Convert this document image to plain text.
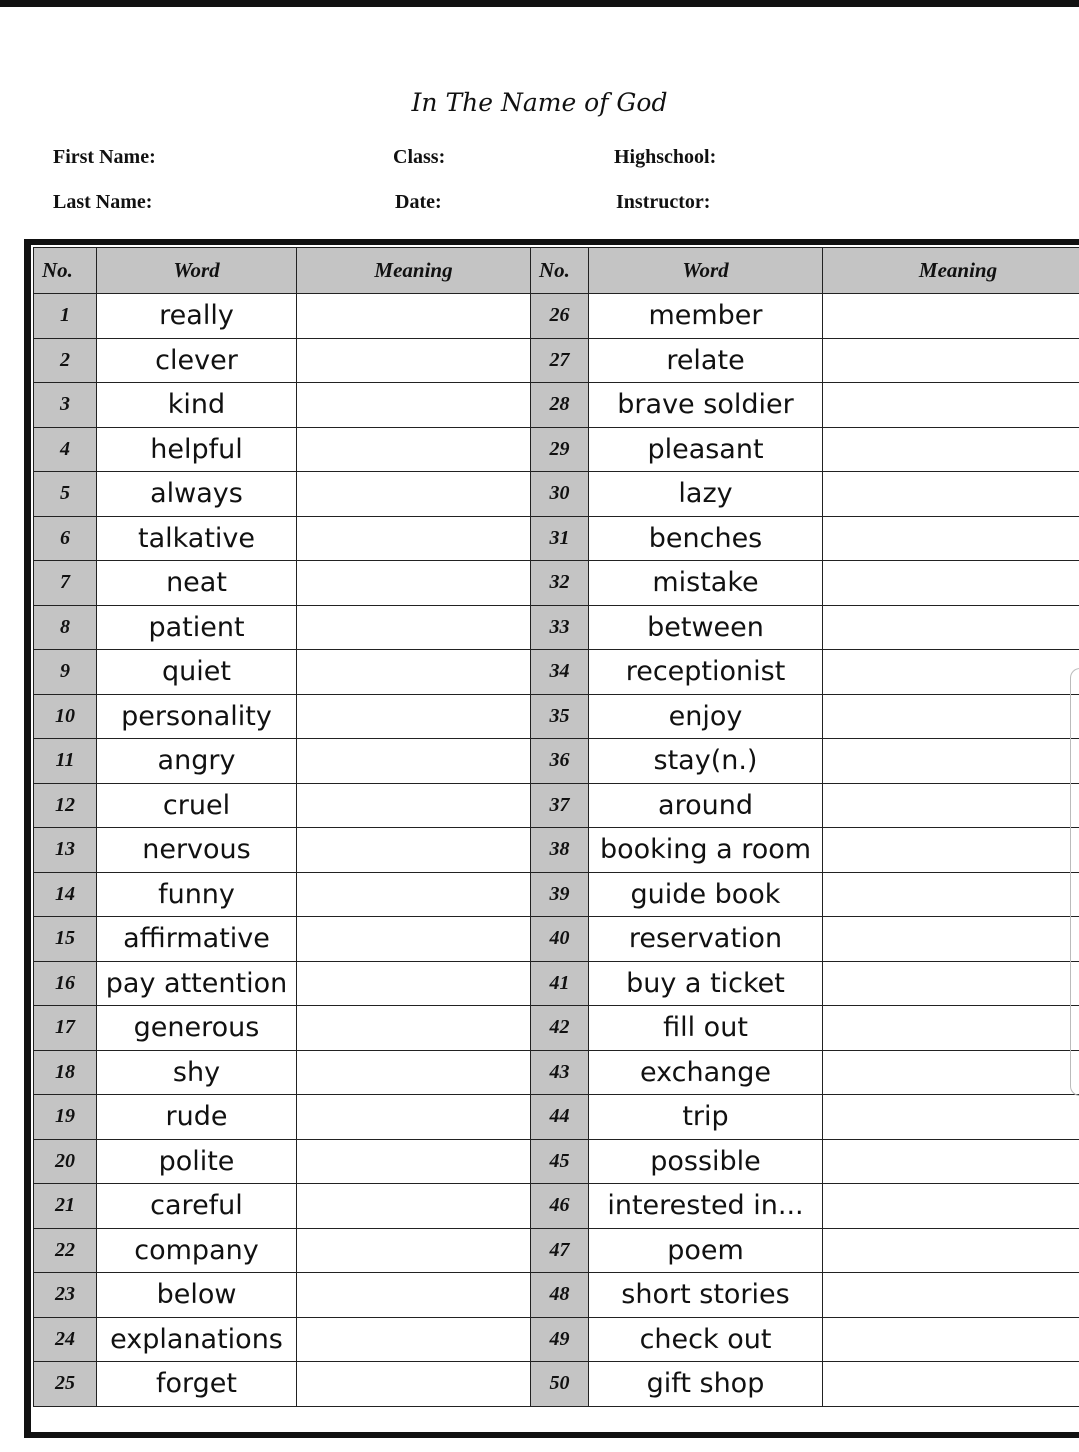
In The Name of God
First Name:
Last Name:
Class:
Date:
Highschool:
Instructor:
No.	Word	Meaning	No.	Word	Meaning
1	really		26	member	
2	clever		27	relate	
3	kind		28	brave soldier	
4	helpful		29	pleasant	
5	always		30	lazy	
6	talkative		31	benches	
7	neat		32	mistake	
8	patient		33	between	
9	quiet		34	receptionist	
10	personality		35	enjoy	
11	angry		36	stay(n.)	
12	cruel		37	around	
13	nervous		38	booking a room	
14	funny		39	guide book	
15	affirmative		40	reservation	
16	pay attention		41	buy a ticket	
17	generous		42	fill out	
18	shy		43	exchange	
19	rude		44	trip	
20	polite		45	possible	
21	careful		46	interested in...	
22	company		47	poem	
23	below		48	short stories	
24	explanations		49	check out	
25	forget		50	gift shop	
